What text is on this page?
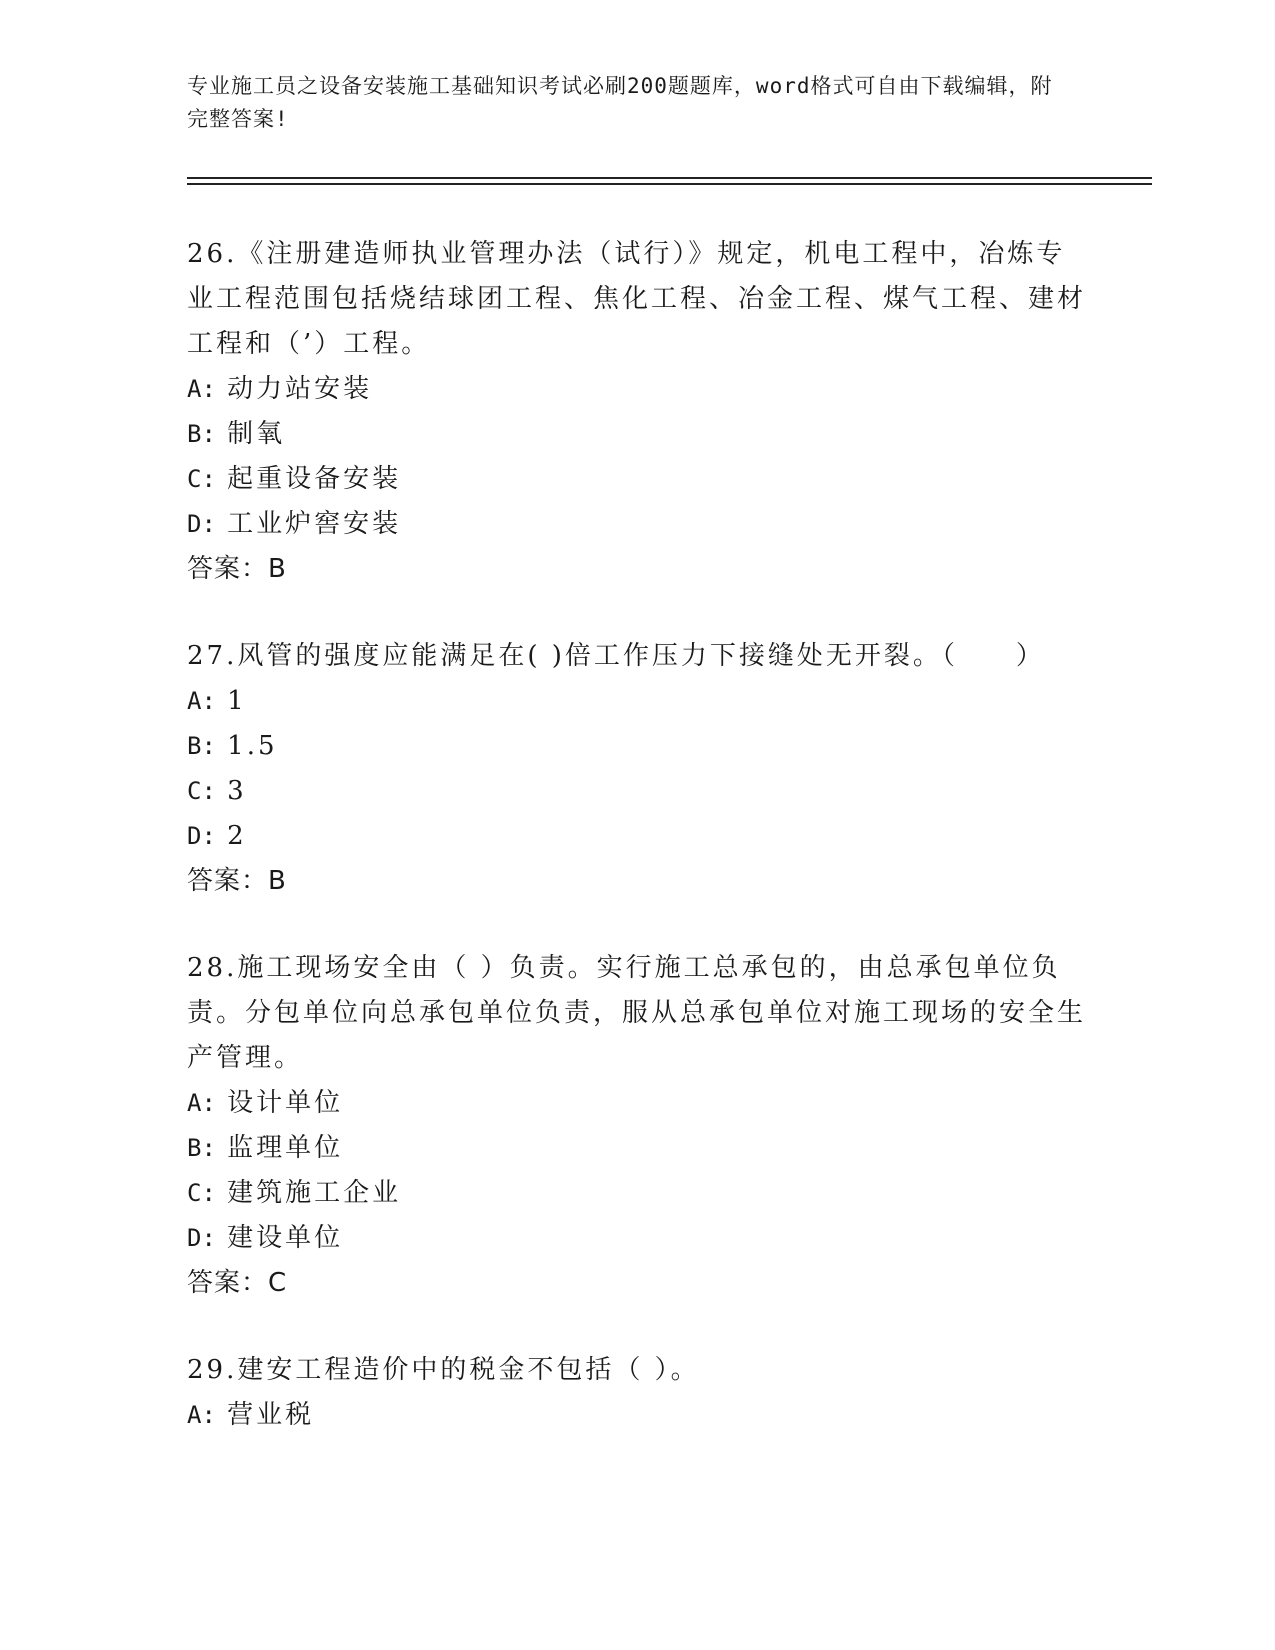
专业施工员之设备安装施工基础知识考试必刷200题题库，word格式可自由下载编辑，附完整答案!

26.《注册建造师执业管理办法（试行）》规定，机电工程中，冶炼专业工程范围包括烧结球团工程、焦化工程、冶金工程、煤气工程、建材工程和（’）工程。

A: 动力站安装

B: 制氧

C: 起重设备安装

D: 工业炉窖安装

答案：B

27.风管的强度应能满足在( )倍工作压力下接缝处无开裂。（　　）

A: 1

B: 1.5

C: 3

D: 2

答案：B

28.施工现场安全由（ ）负责。实行施工总承包的，由总承包单位负责。分包单位向总承包单位负责，服从总承包单位对施工现场的安全生产管理。

A: 设计单位

B: 监理单位

C: 建筑施工企业

D: 建设单位

答案：C

29.建安工程造价中的税金不包括（ ）。

A: 营业税
